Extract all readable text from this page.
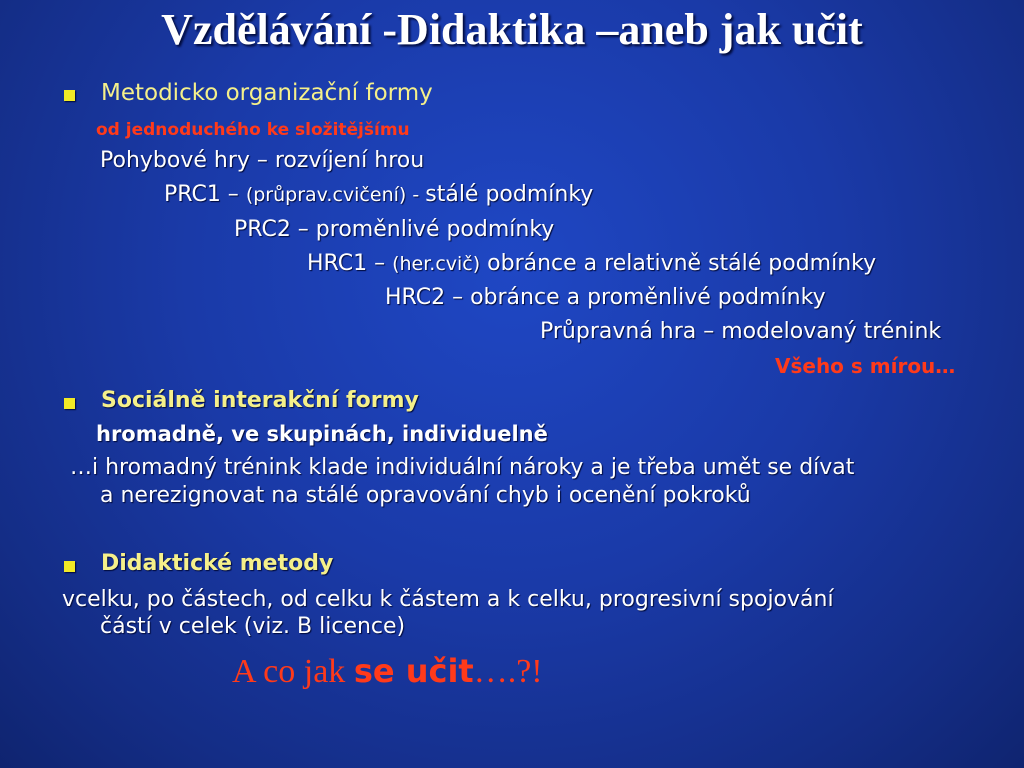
Vzdělávání -Didaktika –aneb jak učit
Metodicko organizační formy
od jednoduchého ke složitějšímu
Pohybové hry – rozvíjení hrou
PRC1 – (průprav.cvičení) - stálé podmínky
PRC2 – proměnlivé podmínky
HRC1 – (her.cvič) obránce a relativně stálé podmínky
HRC2 – obránce a proměnlivé podmínky
Průpravná hra – modelovaný trénink
Všeho s mírou…
Sociálně interakční formy
hromadně, ve skupinách, individuelně
…i hromadný trénink klade individuální nároky a je třeba umět se dívat
a nerezignovat na stálé opravování chyb i ocenění pokroků
Didaktické metody
vcelku, po částech, od celku k částem a k celku, progresivní spojování
částí v celek (viz. B licence)
A co jak se učit….?!
